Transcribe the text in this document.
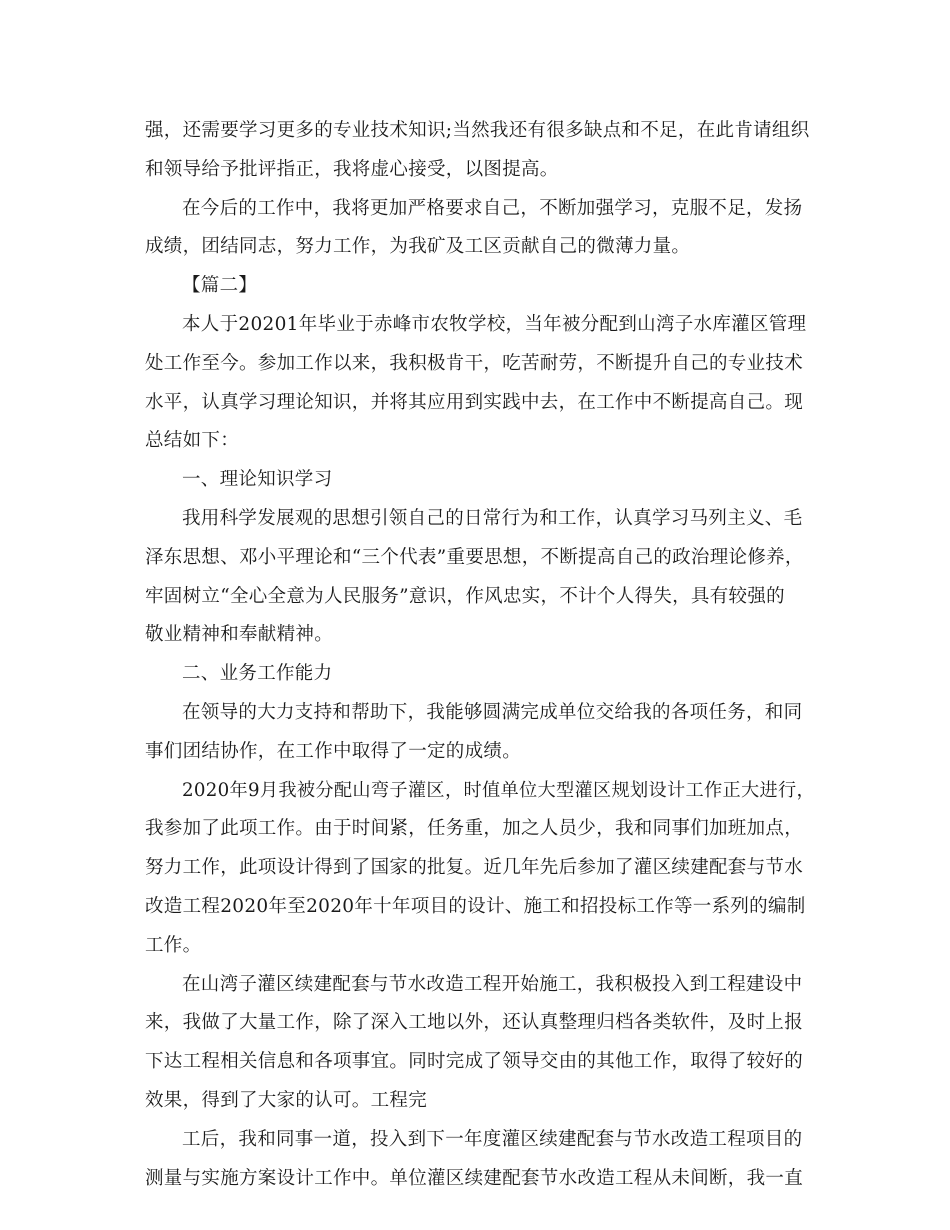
强，还需要学习更多的专业技术知识;当然我还有很多缺点和不足，在此肯请组织
和领导给予批评指正，我将虚心接受，以图提高。
在今后的工作中，我将更加严格要求自己，不断加强学习，克服不足，发扬
成绩，团结同志，努力工作，为我矿及工区贡献自己的微薄力量。
【篇二】
本人于20201年毕业于赤峰市农牧学校，当年被分配到山湾子水库灌区管理
处工作至今。参加工作以来，我积极肯干，吃苦耐劳，不断提升自己的专业技术
水平，认真学习理论知识，并将其应用到实践中去，在工作中不断提高自己。现
总结如下：
一、理论知识学习
我用科学发展观的思想引领自己的日常行为和工作，认真学习马列主义、毛
泽东思想、邓小平理论和“三个代表”重要思想，不断提高自己的政治理论修养，
牢固树立“全心全意为人民服务”意识，作风忠实，不计个人得失，具有较强的
敬业精神和奉献精神。
二、业务工作能力
在领导的大力支持和帮助下，我能够圆满完成单位交给我的各项任务，和同
事们团结协作，在工作中取得了一定的成绩。
2020年9月我被分配山弯子灌区，时值单位大型灌区规划设计工作正大进行，
我参加了此项工作。由于时间紧，任务重，加之人员少，我和同事们加班加点，
努力工作，此项设计得到了国家的批复。近几年先后参加了灌区续建配套与节水
改造工程2020年至2020年十年项目的设计、施工和招投标工作等一系列的编制
工作。
在山湾子灌区续建配套与节水改造工程开始施工，我积极投入到工程建设中
来，我做了大量工作，除了深入工地以外，还认真整理归档各类软件，及时上报
下达工程相关信息和各项事宜。同时完成了领导交由的其他工作，取得了较好的
效果，得到了大家的认可。工程完
工后，我和同事一道，投入到下一年度灌区续建配套与节水改造工程项目的
测量与实施方案设计工作中。单位灌区续建配套节水改造工程从未间断，我一直
